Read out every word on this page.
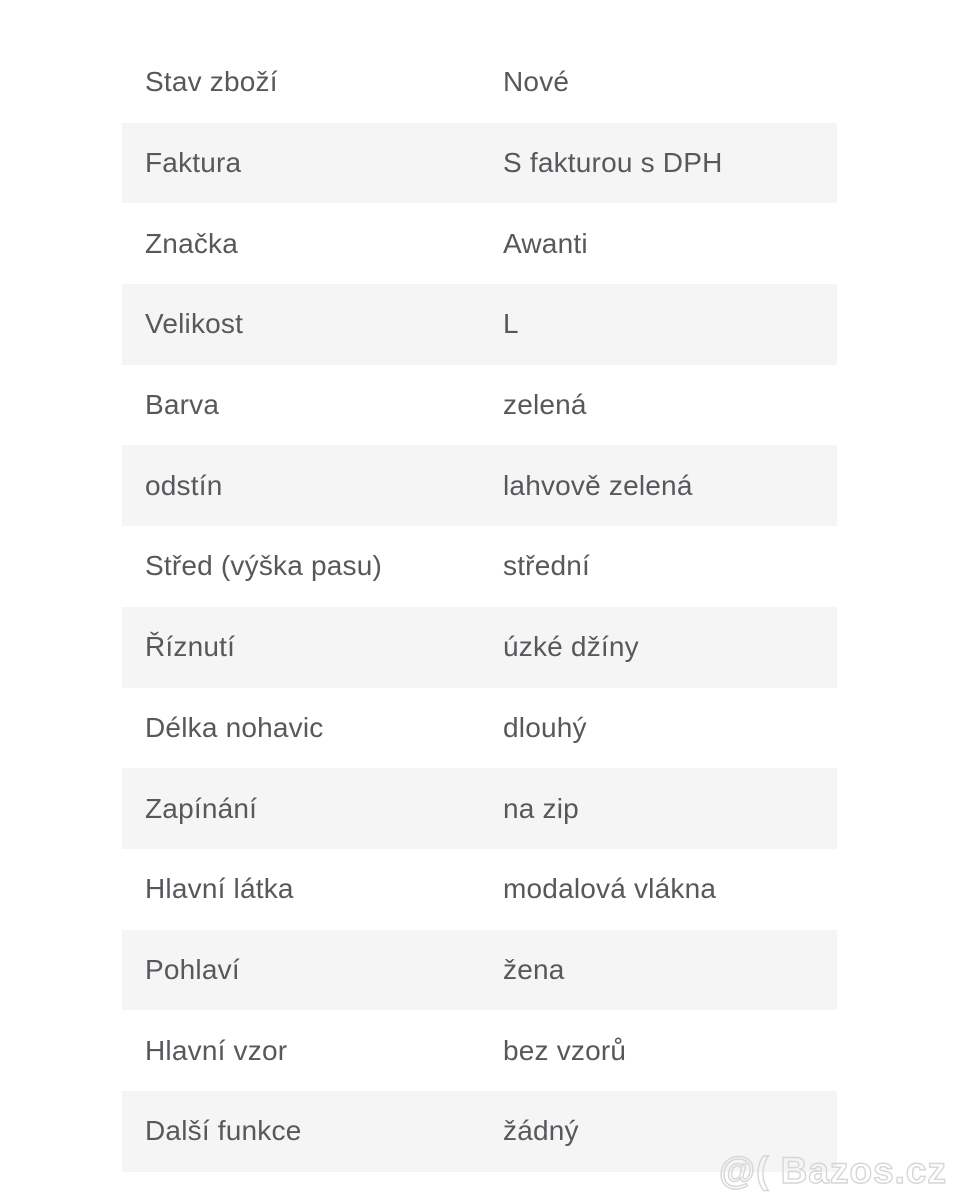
Stav zboží	Nové
Faktura	S fakturou s DPH
Značka	Awanti
Velikost	L
Barva	zelená
odstín	lahvově zelená
Střed (výška pasu)	střední
Říznutí	úzké džíny
Délka nohavic	dlouhý
Zapínání	na zip
Hlavní látka	modalová vlákna
Pohlaví	žena
Hlavní vzor	bez vzorů
Další funkce	žádný
Bazos.cz
